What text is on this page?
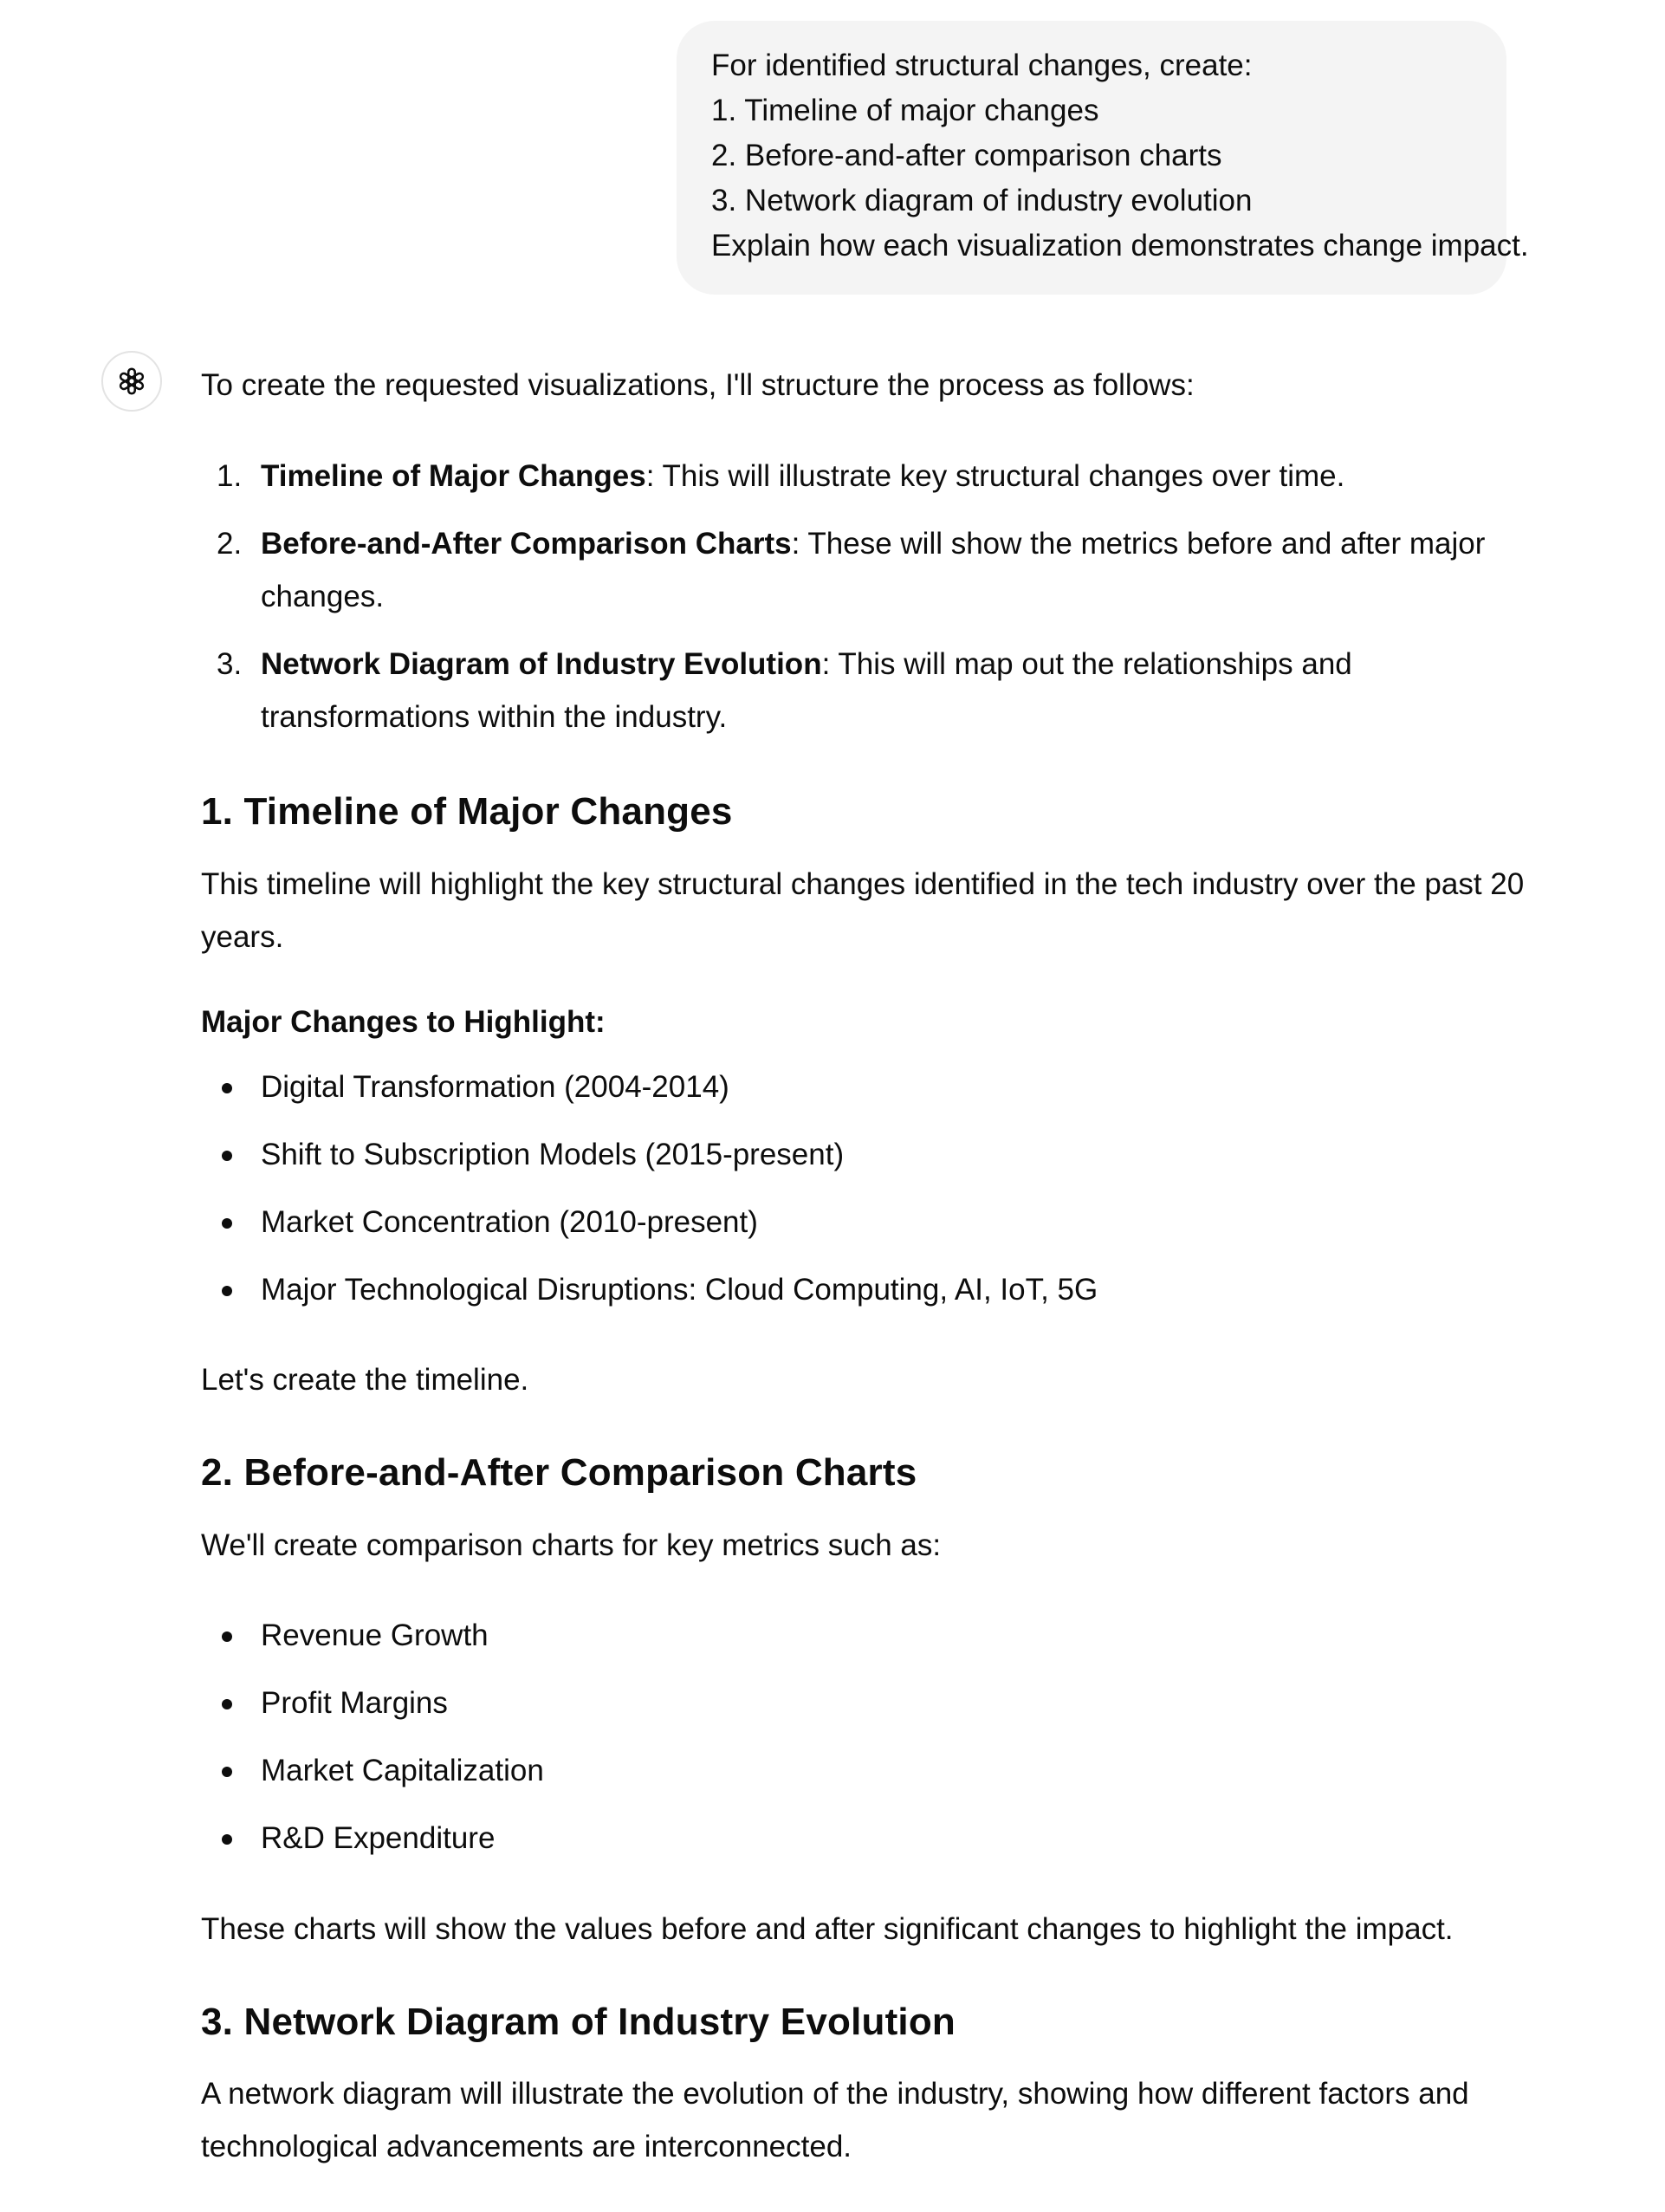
For identified structural changes, create:
1. Timeline of major changes
2. Before-and-after comparison charts
3. Network diagram of industry evolution
Explain how each visualization demonstrates change impact.

To create the requested visualizations, I'll structure the process as follows:

1. Timeline of Major Changes: This will illustrate key structural changes over time.
2. Before-and-After Comparison Charts: These will show the metrics before and after major changes.
3. Network Diagram of Industry Evolution: This will map out the relationships and transformations within the industry.
1. Timeline of Major Changes

This timeline will highlight the key structural changes identified in the tech industry over the past 20 years.

Major Changes to Highlight:

Digital Transformation (2004-2014)
Shift to Subscription Models (2015-present)
Market Concentration (2010-present)
Major Technological Disruptions: Cloud Computing, AI, IoT, 5G

Let's create the timeline.

2. Before-and-After Comparison Charts

We'll create comparison charts for key metrics such as:

Revenue Growth
Profit Margins
Market Capitalization
R&D Expenditure

These charts will show the values before and after significant changes to highlight the impact.

3. Network Diagram of Industry Evolution

A network diagram will illustrate the evolution of the industry, showing how different factors and technological advancements are interconnected.
